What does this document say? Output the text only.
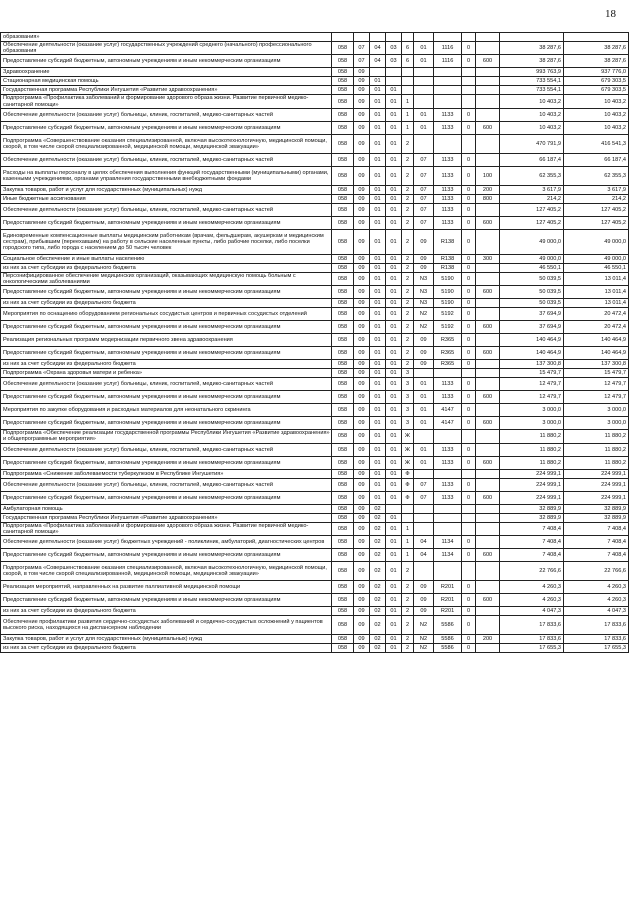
18
образования»											
Обеспечение деятельности (оказание услуг) государственных учреждений среднего (начального) профессионального образования	058	07	04	03	6	01	1116	0		38 287,6	38 287,6
Предоставление субсидий бюджетным, автономным учреждениям и иным некоммерческим организациям	058	07	04	03	6	01	1116	0	600	38 287,6	38 287,6
Здравоохранение	058	09								993 763,9	937 776,0
Стационарная медицинская помощь	058	09	01							733 554,1	679 303,5
Государственная программа Республики Ингушетия «Развитие здравоохранения»	058	09	01	01						733 554,1	679 303,5
Подпрограмма «Профилактика заболеваний и формирование здорового образа жизни. Развитие первичной медико-санитарной помощи»	058	09	01	01	1					10 403,2	10 403,2
Обеспечение деятельности (оказание услуг) больницы, клиник, госпиталей, медико-санитарных частей	058	09	01	01	1	01	1133	0		10 403,2	10 403,2
Предоставление субсидий бюджетным, автономным учреждениям и иным некоммерческим организациям	058	09	01	01	1	01	1133	0	600	10 403,2	10 403,2
Подпрограмма «Совершенствование оказания специализированной, включая высокотехнологичную, медицинской помощи, скорой, в том числе скорой специализированной, медицинской помощи, медицинской эвакуации»	058	09	01	01	2					470 791,9	416 541,3
Обеспечение деятельности (оказание услуг) больницы, клиник, госпиталей, медико-санитарных частей	058	09	01	01	2	07	1133	0		66 187,4	66 187,4
Расходы на выплаты персоналу в целях обеспечения выполнения функций государственными (муниципальными) органами, казенными учреждениями, органами управления государственными внебюджетными фондами	058	09	01	01	2	07	1133	0	100	62 355,3	62 355,3
Закупка товаров, работ и услуг для государственных (муниципальных) нужд	058	09	01	01	2	07	1133	0	200	3 617,9	3 617,9
Иные бюджетные ассигнования	058	09	01	01	2	07	1133	0	800	214,2	214,2
Обеспечение деятельности (оказание услуг) больницы, клиник, госпиталей, медико-санитарных частей	058	09	01	01	2	07	1133	0		127 405,2	127 405,2
Предоставление субсидий бюджетным, автономным учреждениям и иным некоммерческим организациям	058	09	01	01	2	07	1133	0	600	127 405,2	127 405,2
Единовременные компенсационные выплаты медицинским работникам (врачам, фельдшерам, акушеркам и медицинским сестрам), прибывшим (переехавшим) на работу в сельские населенные пункты, либо рабочие поселки, либо поселки городского типа, либо города с населением до 50 тысяч человек	058	09	01	01	2	09	R138	0		49 000,0	49 000,0
Социальное обеспечение и иные выплаты населению	058	09	01	01	2	09	R138	0	300	49 000,0	49 000,0
из них за счет субсидии из федерального бюджета	058	09	01	01	2	09	R138	0		46 550,1	46 550,1
Персонифицированное обеспечение медицинских организаций, оказывающих медицинскую помощь больным с онкологическими заболеваниями	058	09	01	01	2	N3	5190	0		50 039,5	13 011,4
Предоставление субсидий бюджетным, автономным учреждениям и иным некоммерческим организациям	058	09	01	01	2	N3	5190	0	600	50 039,5	13 011,4
из них за счет субсидии из федерального бюджета	058	09	01	01	2	N3	5190	0		50 039,5	13 011,4
Мероприятия по оснащению оборудованием региональных сосудистых центров и первичных сосудистых отделений	058	09	01	01	2	N2	5192	0		37 694,9	20 472,4
Предоставление субсидий бюджетным, автономным учреждениям и иным некоммерческим организациям	058	09	01	01	2	N2	5192	0	600	37 694,9	20 472,4
Реализация региональных программ модернизации первичного звена здравоохранения	058	09	01	01	2	09	R365	0		140 464,9	140 464,9
Предоставление субсидий бюджетным, автономным учреждениям и иным некоммерческим организациям	058	09	01	01	2	09	R365	0	600	140 464,9	140 464,9
из них за счет субсидии из федерального бюджета	058	09	01	01	2	09	R365	0		137 300,8	137 300,8
Подпрограмма «Охрана здоровья матери и ребенка»	058	09	01	01	3					15 479,7	15 479,7
Обеспечение деятельности (оказание услуг) больницы, клиник, госпиталей, медико-санитарных частей	058	09	01	01	3	01	1133	0		12 479,7	12 479,7
Предоставление субсидий бюджетным, автономным учреждениям и иным некоммерческим организациям	058	09	01	01	3	01	1133	0	600	12 479,7	12 479,7
Мероприятия по закупке оборудования и расходных материалов для неонатального скрининга	058	09	01	01	3	01	4147	0		3 000,0	3 000,0
Предоставление субсидий бюджетным, автономным учреждениям и иным некоммерческим организациям	058	09	01	01	3	01	4147	0	600	3 000,0	3 000,0
Подпрограмма «Обеспечение реализации государственной программы Республики Ингушетия «Развитие здравоохранения» и общепрограммные мероприятия»	058	09	01	01	Ж					11 880,2	11 880,2
Обеспечение деятельности (оказание услуг) больницы, клиник, госпиталей, медико-санитарных частей	058	09	01	01	Ж	01	1133	0		11 880,2	11 880,2
Предоставление субсидий бюджетным, автономным учреждениям и иным некоммерческим организациям	058	09	01	01	Ж	01	1133	0	600	11 880,2	11 880,2
Подпрограмма «Снижение заболеваемости туберкулезом в Республике Ингушетия»	058	09	01	01	Ф					224 999,1	224 999,1
Обеспечение деятельности (оказание услуг) больницы, клиник, госпиталей, медико-санитарных частей	058	09	01	01	Ф	07	1133	0		224 999,1	224 999,1
Предоставление субсидий бюджетным, автономным учреждениям и иным некоммерческим организациям	058	09	01	01	Ф	07	1133	0	600	224 999,1	224 999,1
Амбулаторная помощь	058	09	02							32 889,9	32 889,9
Государственная программа Республики Ингушетия «Развитие здравоохранения»	058	09	02	01						32 889,9	32 889,9
Подпрограмма «Профилактика заболеваний и формирование здорового образа жизни. Развитие первичной медико-санитарной помощи»	058	09	02	01	1					7 408,4	7 408,4
Обеспечение деятельности (оказание услуг) бюджетных учреждений - поликлиник, амбулаторий, диагностических центров	058	09	02	01	1	04	1134	0		7 408,4	7 408,4
Предоставление субсидий бюджетным, автономным учреждениям и иным некоммерческим организациям	058	09	02	01	1	04	1134	0	600	7 408,4	7 408,4
Подпрограмма «Совершенствование оказания специализированной, включая высокотехнологичную, медицинской помощи, скорой, в том числе скорой специализированной, медицинской помощи, медицинской эвакуации»	058	09	02	01	2					22 766,6	22 766,6
Реализация мероприятий, направленных на развитие паллиативной медицинской помощи	058	09	02	01	2	09	R201	0		4 260,3	4 260,3
Предоставление субсидий бюджетным, автономным учреждениям и иным некоммерческим организациям	058	09	02	01	2	09	R201	0	600	4 260,3	4 260,3
из них за счет субсидии из федерального бюджета	058	09	02	01	2	09	R201	0		4 047,3	4 047,3
Обеспечение профилактики развития сердечно-сосудистых заболеваний и сердечно-сосудистых осложнений у пациентов высокого риска, находящихся на диспансерном наблюдении	058	09	02	01	2	N2	5586	0		17 833,6	17 833,6
Закупка товаров, работ и услуг для государственных (муниципальных) нужд	058	09	02	01	2	N2	5586	0	200	17 833,6	17 833,6
из них за счет субсидии из федерального бюджета	058	09	02	01	2	N2	5586	0		17 655,3	17 655,3
